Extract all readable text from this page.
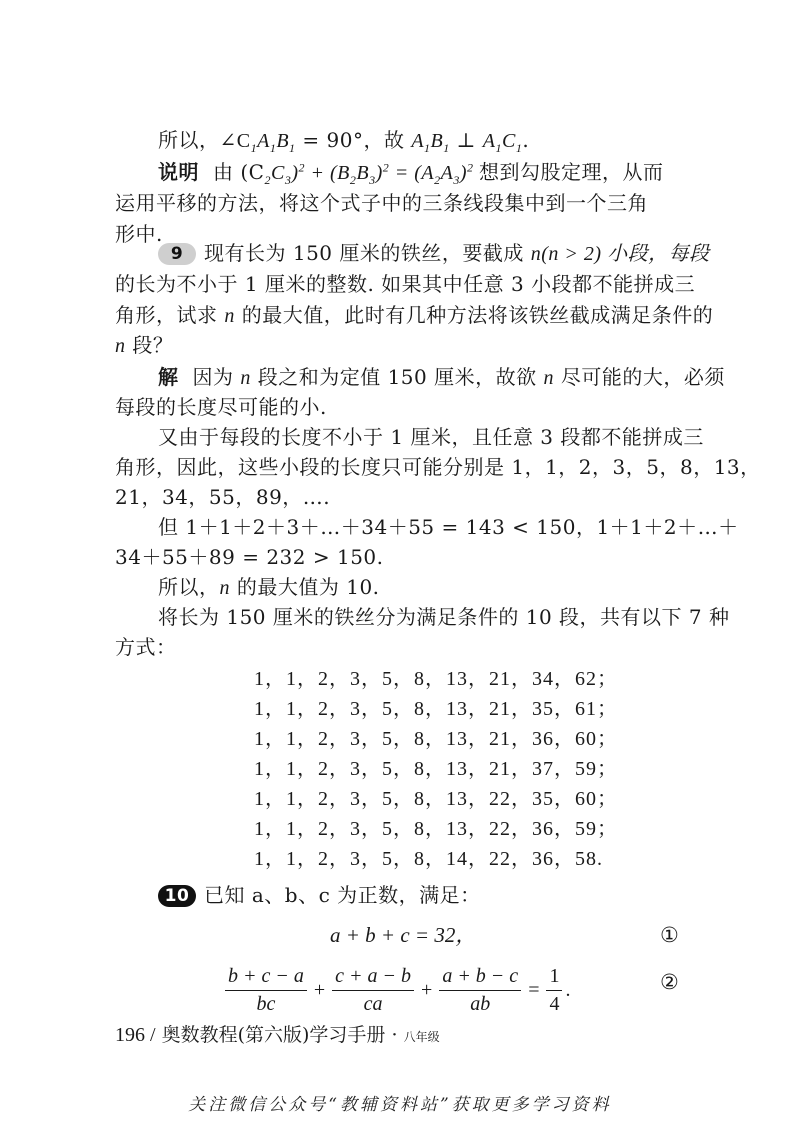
所以，$\angle C_1A_1B_1 = 90^\circ$，故 $A_1B_1$ ⊥ $A_1C_1$.
说明 由 $(C_2C_3)^2 + (B_2B_3)^2 = (A_2A_3)^2$ 想到勾股定理，从而
运用平移的方法，将这个式子中的三条线段集中到一个三角
形中.
9 现有长为 150 厘米的铁丝，要截成 n(n > 2) 小段，每段
的长为不小于 1 厘米的整数. 如果其中任意 3 小段都不能拼成三
角形，试求 n 的最大值，此时有几种方法将该铁丝截成满足条件的
n 段？
解 因为 n 段之和为定值 150 厘米，故欲 n 尽可能的大，必须
每段的长度尽可能的小.
又由于每段的长度不小于 1 厘米，且任意 3 段都不能拼成三
角形，因此，这些小段的长度只可能分别是 1，1，2，3，5，8，13，
21，34，55，89，….
但 1＋1＋2＋3＋…＋34＋55 = 143 < 150，1＋1＋2＋…＋
34＋55＋89 = 232 > 150.
所以，n 的最大值为 10.
将长为 150 厘米的铁丝分为满足条件的 10 段，共有以下 7 种
方式：
1，1，2，3，5，8，13，21，34，62；
1，1，2，3，5，8，13，21，35，61；
1，1，2，3，5，8，13，21，36，60；
1，1，2，3，5，8，13，21，37，59；
1，1，2，3，5，8，13，22，35，60；
1，1，2，3，5，8，13，22，36，59；
1，1，2，3，5，8，14，22，36，58.
10 已知 a、b、c 为正数，满足：
a + b + c = 32，	①
$\frac{b + c - a}{bc} + \frac{c + a - b}{ca} + \frac{a + b - c}{ab} = \frac{1}{4}$ .	②
196 / 奥数教程(第六版)学习手册 · 八年级
关注微信公众号“教辅资料站”获取更多学习资料
